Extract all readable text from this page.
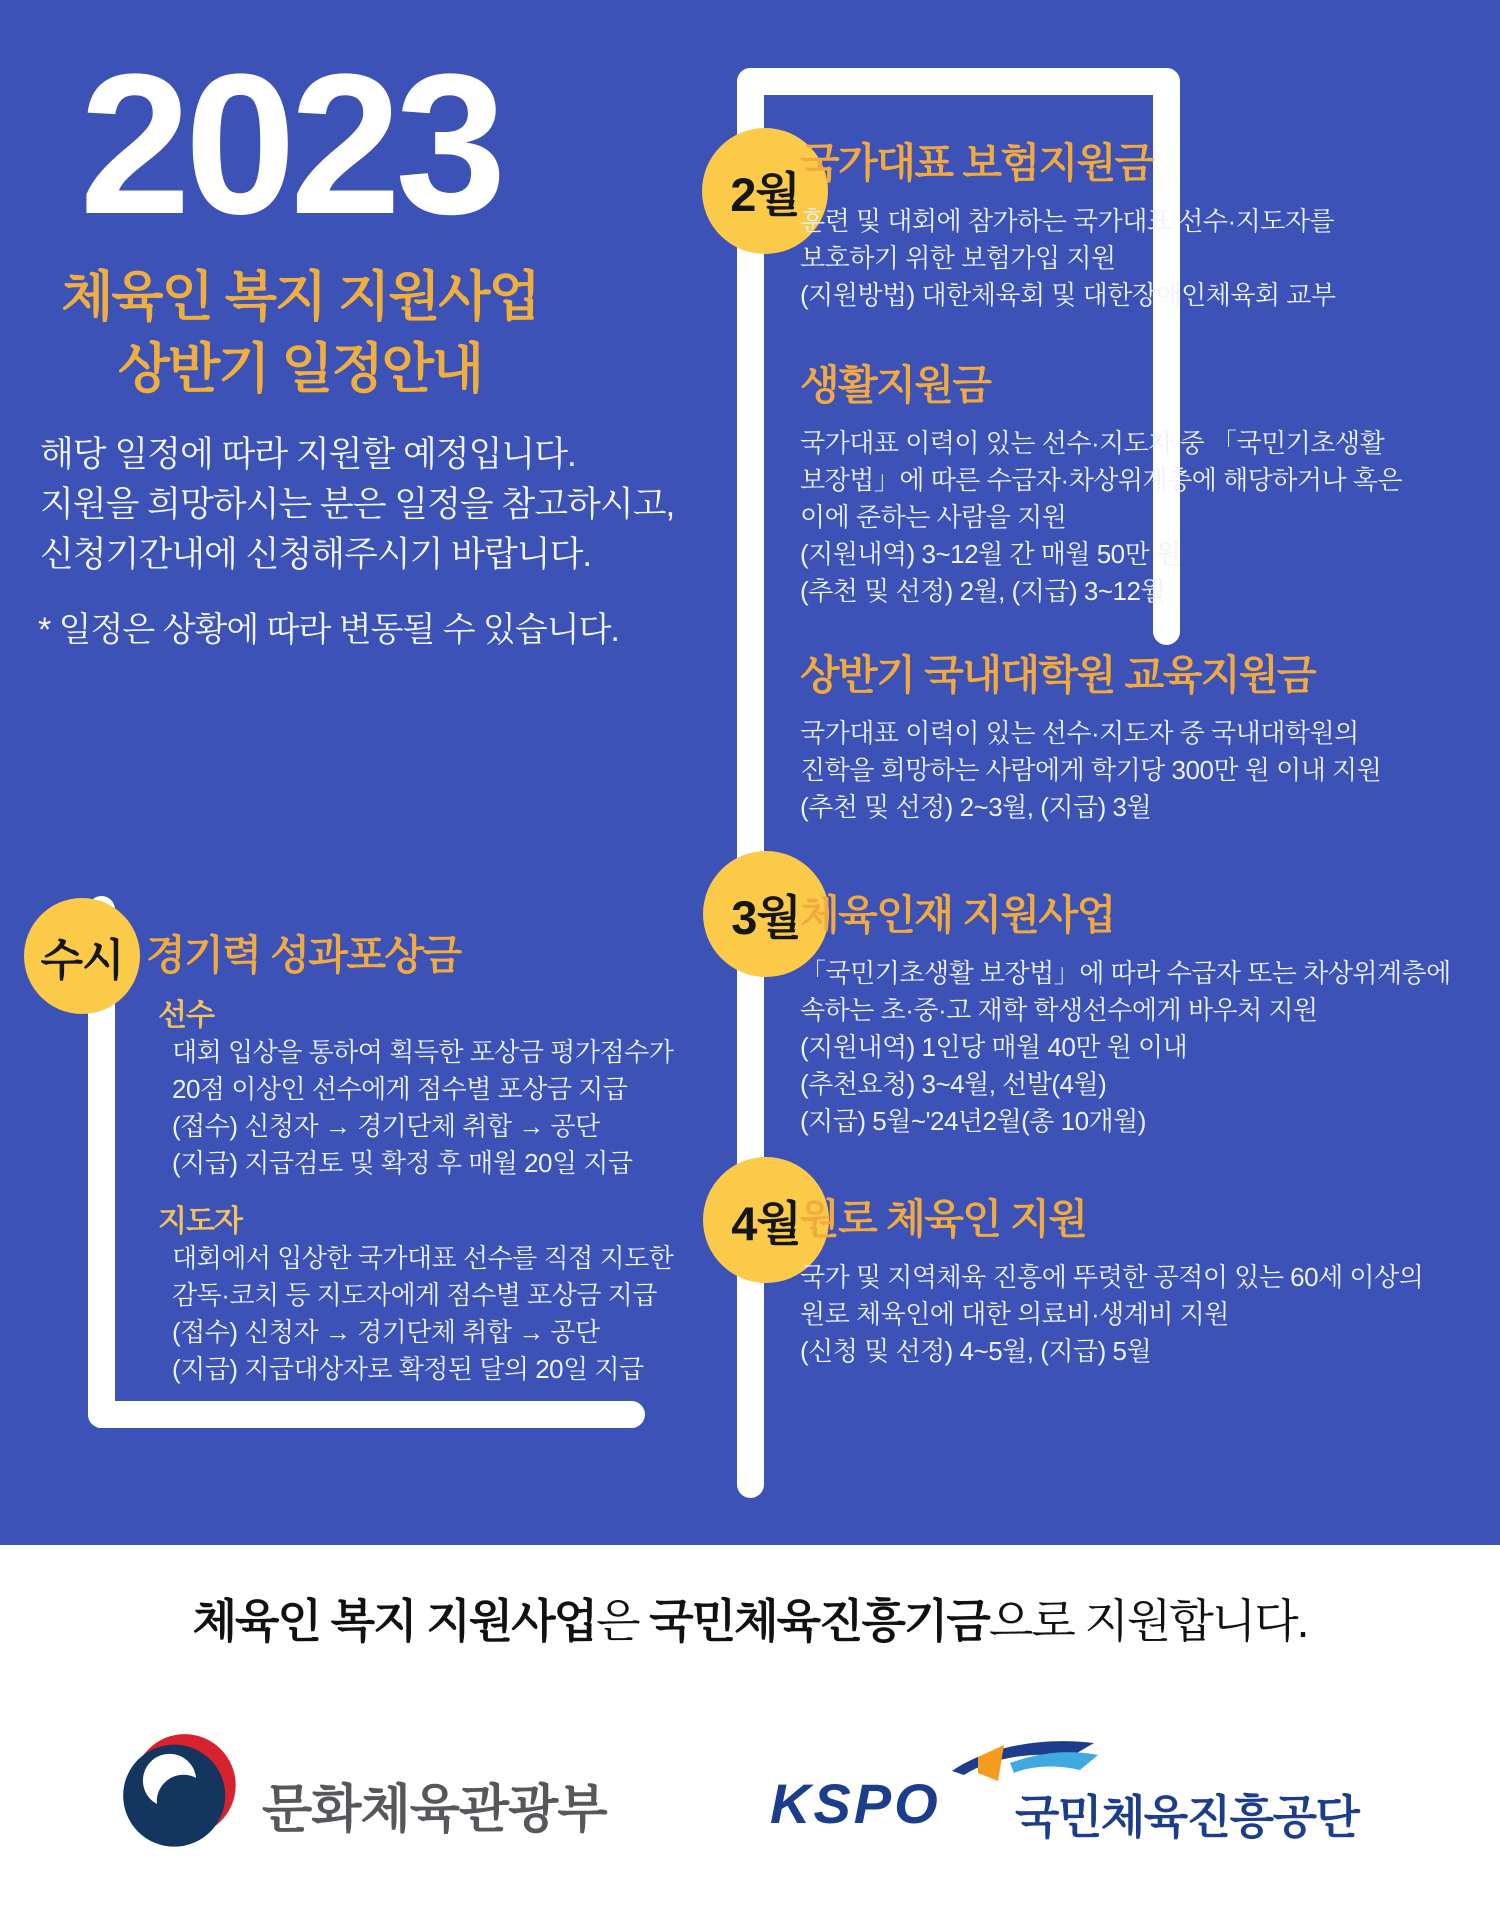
2023
체육인 복지 지원사업
상반기 일정안내
해당 일정에 따라 지원할 예정입니다.
지원을 희망하시는 분은 일정을 참고하시고,
신청기간내에 신청해주시기 바랍니다.
* 일정은 상황에 따라 변동될 수 있습니다.
수시 경기력 성과포상금
선수
대회 입상을 통하여 획득한 포상금 평가점수가
20점 이상인 선수에게 점수별 포상금 지급
(접수) 신청자 → 경기단체 취합 → 공단
(지급) 지급검토 및 확정 후 매월 20일 지급
지도자
대회에서 입상한 국가대표 선수를 직접 지도한
감독·코치 등 지도자에게 점수별 포상금 지급
(접수) 신청자 → 경기단체 취합 → 공단
(지급) 지급대상자로 확정된 달의 20일 지급
2월
3월
4월
국가대표 보험지원금
훈련 및 대회에 참가하는 국가대표 선수·지도자를
보호하기 위한 보험가입 지원
(지원방법) 대한체육회 및 대한장애인체육회 교부
생활지원금
국가대표 이력이 있는 선수·지도자 중 「국민기초생활
보장법」에 따른 수급자·차상위계층에 해당하거나 혹은
이에 준하는 사람을 지원
(지원내역) 3~12월 간 매월 50만 원
(추천 및 선정) 2월, (지급) 3~12월
상반기 국내대학원 교육지원금
국가대표 이력이 있는 선수·지도자 중 국내대학원의
진학을 희망하는 사람에게 학기당 300만 원 이내 지원
(추천 및 선정) 2~3월, (지급) 3월
체육인재 지원사업
「국민기초생활 보장법」에 따라 수급자 또는 차상위계층에
속하는 초·중·고 재학 학생선수에게 바우처 지원
(지원내역) 1인당 매월 40만 원 이내
(추천요청) 3~4월, 선발(4월)
(지급) 5월~'24년2월(총 10개월)
원로 체육인 지원
국가 및 지역체육 진흥에 뚜렷한 공적이 있는 60세 이상의
원로 체육인에 대한 의료비·생계비 지원
(신청 및 선정) 4~5월, (지급) 5월
체육인 복지 지원사업은 국민체육진흥기금으로 지원합니다.
문화체육관광부	KSPO 국민체육진흥공단
